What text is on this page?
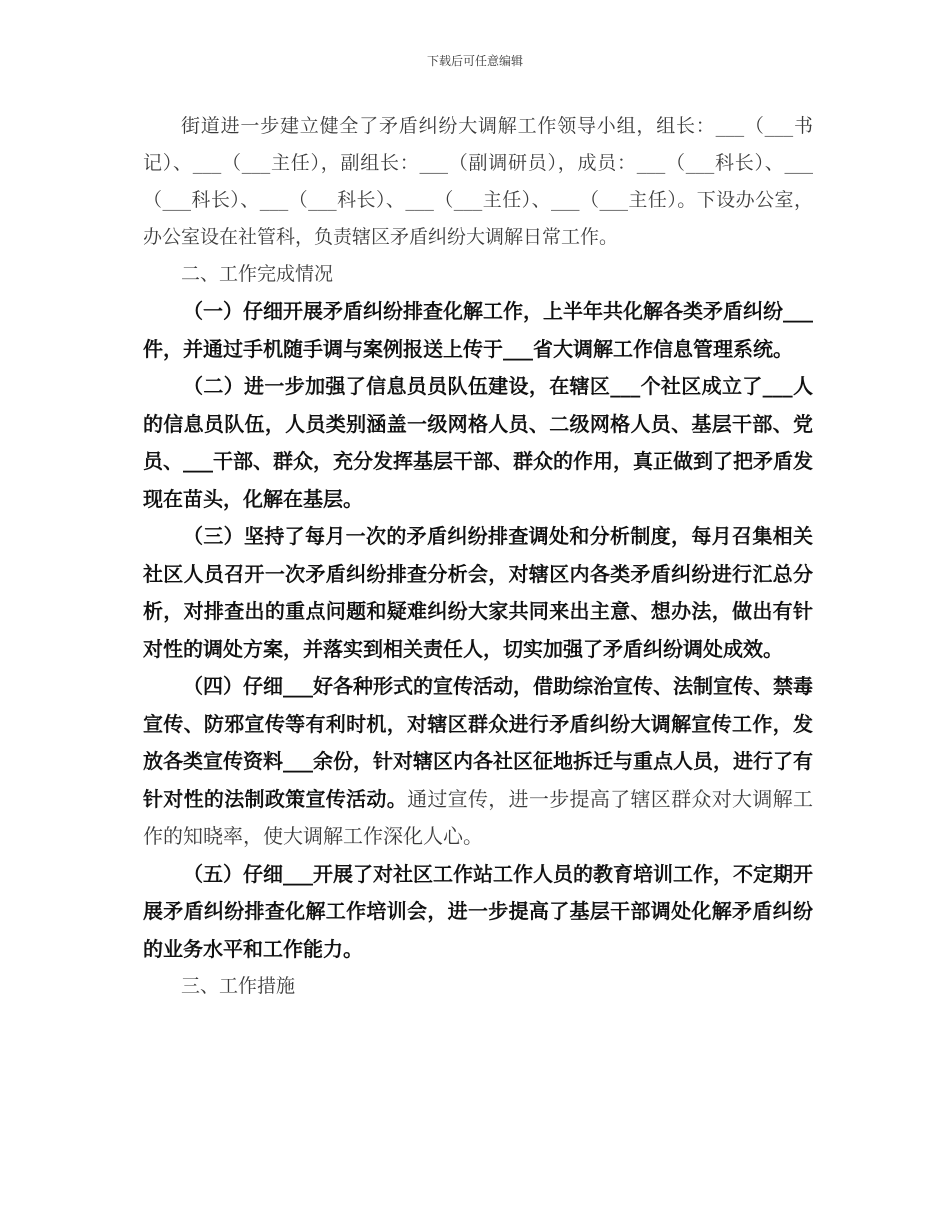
下载后可任意编辑

街道进一步建立健全了矛盾纠纷大调解工作领导小组，组长：___（___书记）、___（___主任），副组长：___（副调研员），成员：___（___科长）、___（___科长）、___（___科长）、___（___主任）、___（___主任）。下设办公室，办公室设在社管科，负责辖区矛盾纠纷大调解日常工作。

二、工作完成情况

（一）仔细开展矛盾纠纷排查化解工作，上半年共化解各类矛盾纠纷___件，并通过手机随手调与案例报送上传于___省大调解工作信息管理系统。

（二）进一步加强了信息员员队伍建设，在辖区___个社区成立了___人的信息员队伍，人员类别涵盖一级网格人员、二级网格人员、基层干部、党员、___干部、群众，充分发挥基层干部、群众的作用，真正做到了把矛盾发现在苗头，化解在基层。

（三）坚持了每月一次的矛盾纠纷排查调处和分析制度，每月召集相关社区人员召开一次矛盾纠纷排查分析会，对辖区内各类矛盾纠纷进行汇总分析，对排查出的重点问题和疑难纠纷大家共同来出主意、想办法，做出有针对性的调处方案，并落实到相关责任人，切实加强了矛盾纠纷调处成效。

（四）仔细___好各种形式的宣传活动，借助综治宣传、法制宣传、禁毒宣传、防邪宣传等有利时机，对辖区群众进行矛盾纠纷大调解宣传工作，发放各类宣传资料___余份，针对辖区内各社区征地拆迁与重点人员，进行了有针对性的法制政策宣传活动。通过宣传，进一步提高了辖区群众对大调解工作的知晓率，使大调解工作深化人心。

（五）仔细___开展了对社区工作站工作人员的教育培训工作，不定期开展矛盾纠纷排查化解工作培训会，进一步提高了基层干部调处化解矛盾纠纷的业务水平和工作能力。

三、工作措施
